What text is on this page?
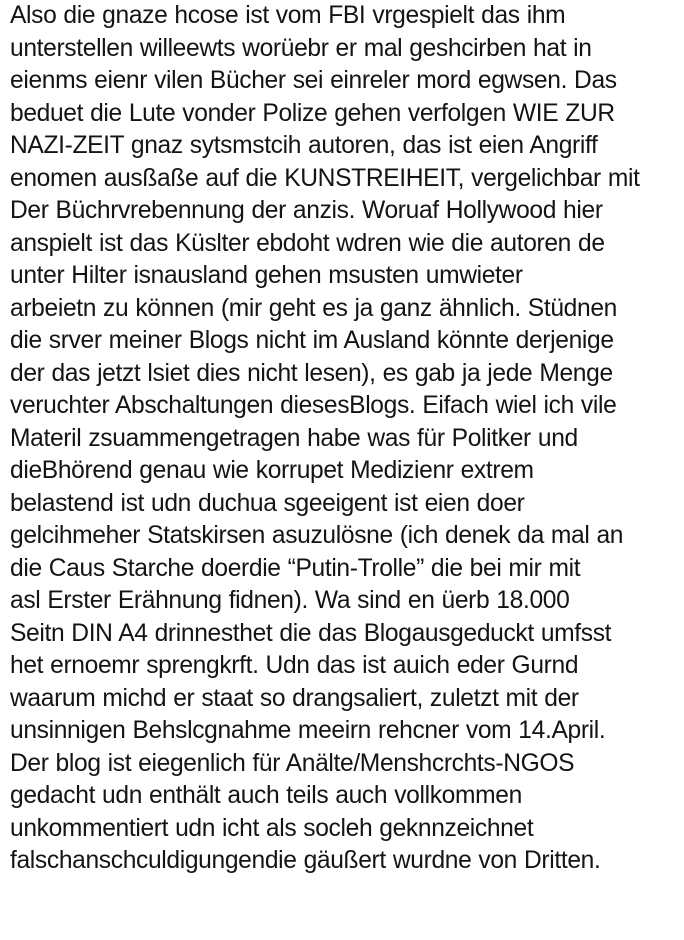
Also die gnaze hcose ist vom FBI vrgespielt das ihm
unterstellen willeewts worüebr er mal geshcirben hat in
eienms eienr vilen Bücher sei einreler mord egwsen. Das
beduet die Lute vonder Polize gehen verfolgen WIE ZUR
NAZI-ZEIT gnaz sytsmstcih autoren, das ist eien Angriff
enomen ausßaße auf die KUNSTREIHEIT, vergelichbar mit
Der Büchrvrebennung der anzis. Woruaf Hollywood hier
anspielt ist das Küslter ebdoht wdren wie die autoren de
unter Hilter isnausland gehen msusten umwieter
arbeietn zu können (mir geht es ja ganz ähnlich. Stüdnen
die srver meiner Blogs nicht im Ausland könnte derjenige
der das jetzt lsiet dies nicht lesen), es gab ja jede Menge
veruchter Abschaltungen diesesBlogs. Eifach wiel ich vile
Materil zsuammengetragen habe was für Politker und
dieBhörend genau wie korrupet Medizienr extrem
belastend ist udn duchua sgeeigent ist eien doer
gelcihmeher Statskirsen asuzulösne (ich denek da mal an
die Caus Starche doerdie “Putin-Trolle” die bei mir mit
asl Erster Erähnung fidnen). Wa sind en üerb 18.000
Seitn DIN A4 drinnesthet die das Blogausgeduckt umfsst
het ernoemr sprengkrft. Udn das ist auich eder Gurnd
waarum michd er staat so drangsaliert, zuletzt mit der
unsinnigen Behslcgnahme meeirn rehcner vom 14.April.
Der blog ist eiegenlich für Anälte/Menshcrchts-NGOS
gedacht udn enthält auch teils auch vollkommen
unkommentiert udn icht als socleh geknnzeichnet
falschanschculdigungendie gäußert wurdne von Dritten.
